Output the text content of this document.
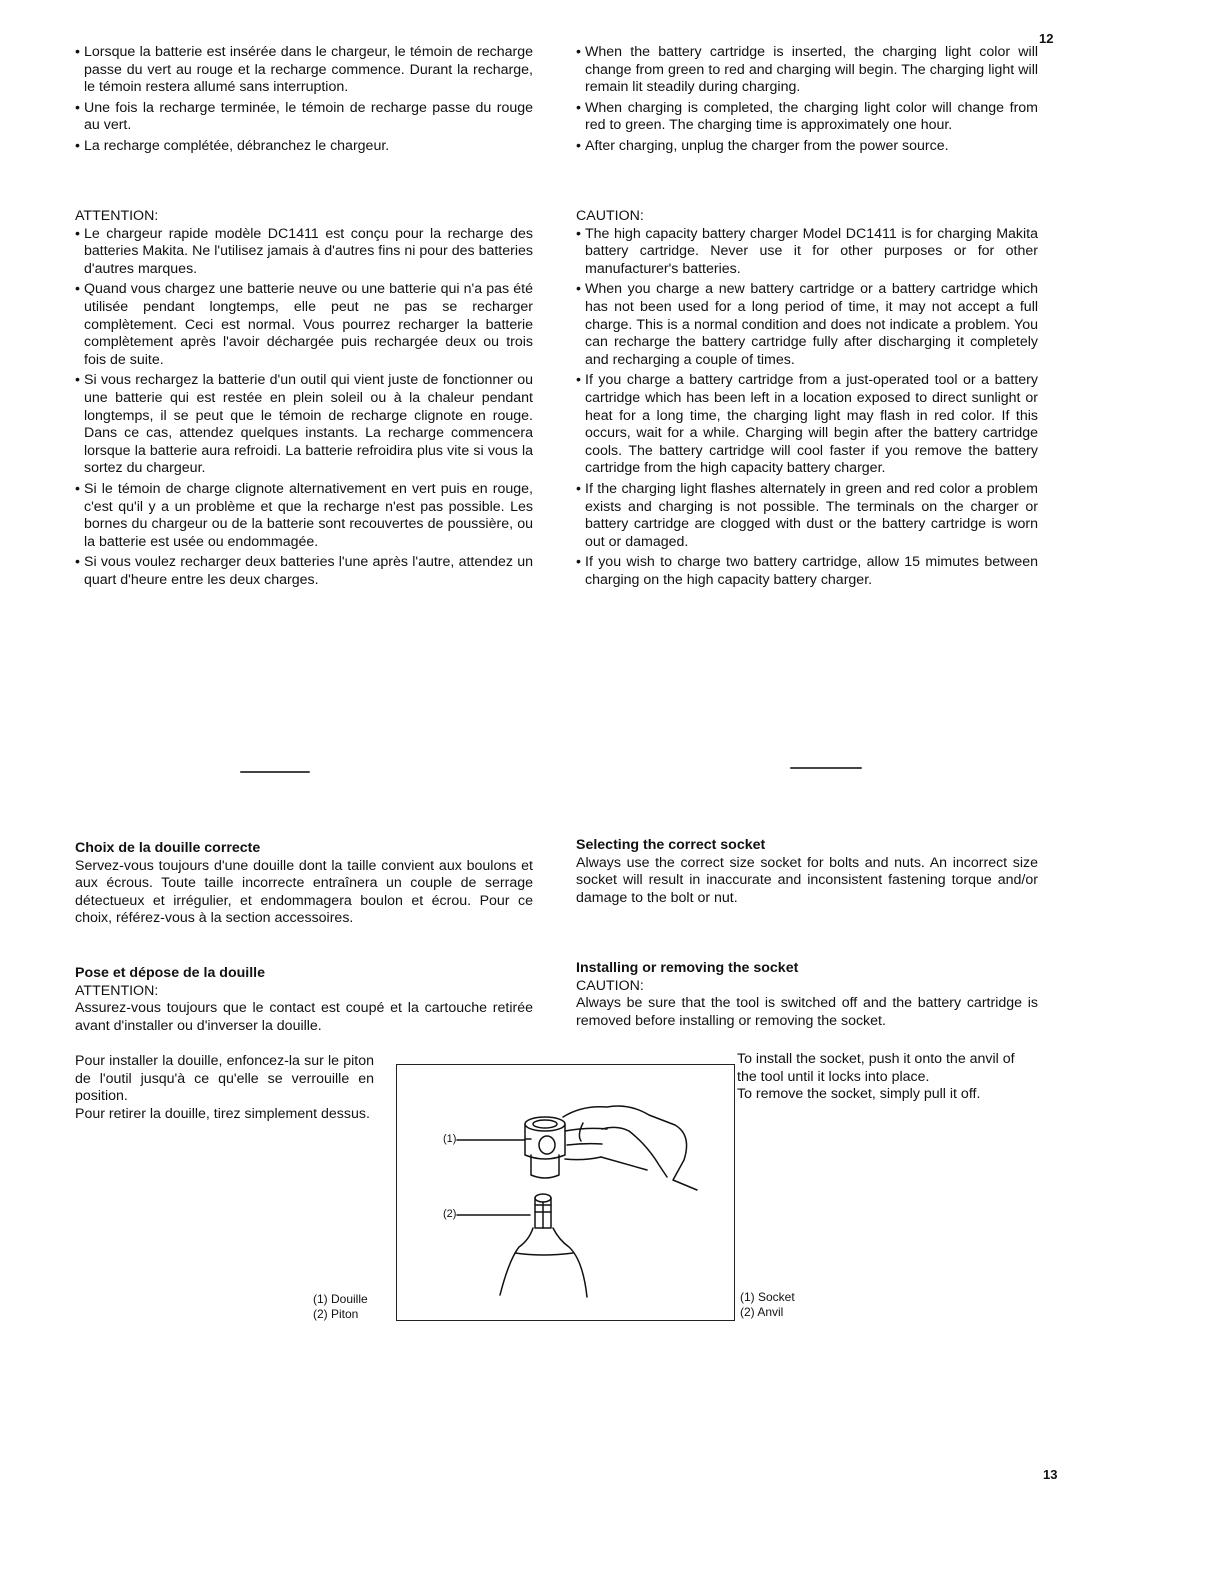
12
13
• Lorsque la batterie est insérée dans le chargeur, le témoin de recharge passe du vert au rouge et la recharge commence. Durant la recharge, le témoin restera allumé sans interruption.
• Une fois la recharge terminée, le témoin de recharge passe du rouge au vert.
• La recharge complétée, débranchez le chargeur.
ATTENTION:
• Le chargeur rapide modèle DC1411 est conçu pour la recharge des batteries Makita. Ne l'utilisez jamais à d'autres fins ni pour des batteries d'autres marques.
• Quand vous chargez une batterie neuve ou une batterie qui n'a pas été utilisée pendant longtemps, elle peut ne pas se recharger complètement. Ceci est normal. Vous pourrez recharger la batterie complètement après l'avoir déchargée puis rechargée deux ou trois fois de suite.
• Si vous rechargez la batterie d'un outil qui vient juste de fonctionner ou une batterie qui est restée en plein soleil ou à la chaleur pendant longtemps, il se peut que le témoin de recharge clignote en rouge. Dans ce cas, attendez quelques instants. La recharge commencera lorsque la batterie aura refroidi. La batterie refroidira plus vite si vous la sortez du chargeur.
• Si le témoin de charge clignote alternativement en vert puis en rouge, c'est qu'il y a un problème et que la recharge n'est pas possible. Les bornes du chargeur ou de la batterie sont recouvertes de poussière, ou la batterie est usée ou endommagée.
• Si vous voulez recharger deux batteries l'une après l'autre, attendez un quart d'heure entre les deux charges.
• When the battery cartridge is inserted, the charging light color will change from green to red and charging will begin. The charging light will remain lit steadily during charging.
• When charging is completed, the charging light color will change from red to green. The charging time is approximately one hour.
• After charging, unplug the charger from the power source.
CAUTION:
• The high capacity battery charger Model DC1411 is for charging Makita battery cartridge. Never use it for other purposes or for other manufacturer's batteries.
• When you charge a new battery cartridge or a battery cartridge which has not been used for a long period of time, it may not accept a full charge. This is a normal condition and does not indicate a problem. You can recharge the battery cartridge fully after discharging it completely and recharging a couple of times.
• If you charge a battery cartridge from a just-operated tool or a battery cartridge which has been left in a location exposed to direct sunlight or heat for a long time, the charging light may flash in red color. If this occurs, wait for a while. Charging will begin after the battery cartridge cools. The battery cartridge will cool faster if you remove the battery cartridge from the high capacity battery charger.
• If the charging light flashes alternately in green and red color a problem exists and charging is not possible. The terminals on the charger or battery cartridge are clogged with dust or the battery cartridge is worn out or damaged.
• If you wish to charge two battery cartridge, allow 15 mimutes between charging on the high capacity battery charger.
Choix de la douille correcte
Servez-vous toujours d'une douille dont la taille convient aux boulons et aux écrous. Toute taille incorrecte entraînera un couple de serrage détectueux et irrégulier, et endommagera boulon et écrou. Pour ce choix, référez-vous à la section accessoires.
Pose et dépose de la douille
ATTENTION:
Assurez-vous toujours que le contact est coupé et la cartouche retirée avant d'installer ou d'inverser la douille.
Pour installer la douille, enfoncez-la sur le piton de l'outil jusqu'à ce qu'elle se verrouille en position.
Pour retirer la douille, tirez simplement dessus.
Selecting the correct socket
Always use the correct size socket for bolts and nuts. An incorrect size socket will result in inaccurate and inconsistent fastening torque and/or damage to the bolt or nut.
Installing or removing the socket
CAUTION:
Always be sure that the tool is switched off and the battery cartridge is removed before installing or removing the socket.
To install the socket, push it onto the anvil of the tool until it locks into place.
To remove the socket, simply pull it off.
(1)
(2)
(1) Douille
(2) Piton
(1) Socket
(2) Anvil
